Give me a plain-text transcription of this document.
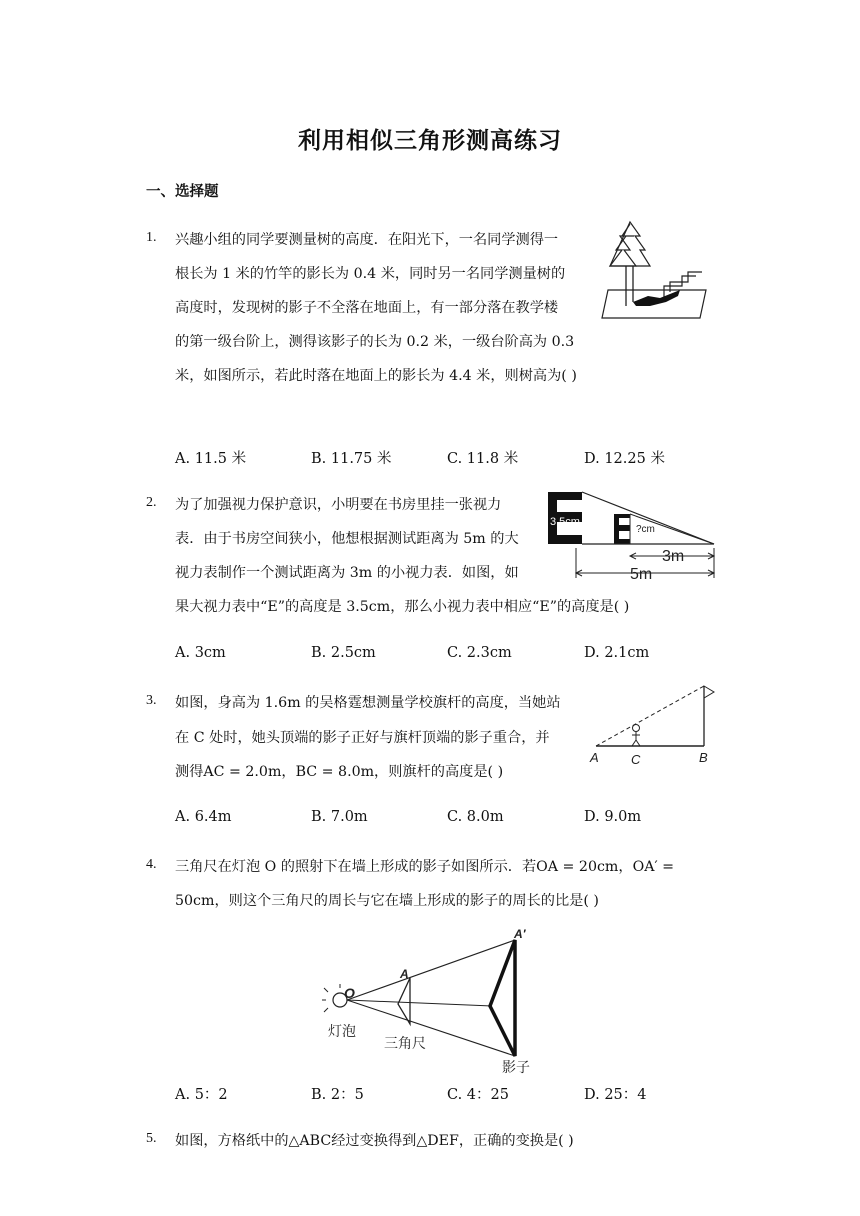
利用相似三角形测高练习
一、选择题
1. 兴趣小组的同学要测量树的高度．在阳光下，一名同学测得一
根长为 1 米的竹竿的影长为 0.4 米，同时另一名同学测量树的
高度时，发现树的影子不全落在地面上，有一部分落在教学楼
的第一级台阶上，测得该影子的长为 0.2 米，一级台阶高为 0.3
米，如图所示，若此时落在地面上的影长为 4.4 米，则树高为( )
A. 11.5 米	B. 11.75 米	C. 11.8 米	D. 12.25 米
2. 为了加强视力保护意识，小明要在书房里挂一张视力
表．由于书房空间狭小，他想根据测试距离为 5m 的大
视力表制作一个测试距离为 3m 的小视力表．如图，如
果大视力表中“E”的高度是 3.5cm，那么小视力表中相应“E”的高度是( )
3.5cm
?cm
3m
5m
A. 3cm	B. 2.5cm	C. 2.3cm	D. 2.1cm
3. 如图，身高为 1.6m 的吴格霆想测量学校旗杆的高度，当她站
在 C 处时，她头顶端的影子正好与旗杆顶端的影子重合，并
测得AC = 2.0m，BC = 8.0m，则旗杆的高度是( )
A C	B
A. 6.4m	B. 7.0m	C. 8.0m	D. 9.0m
4. 三角尺在灯泡 O 的照射下在墙上形成的影子如图所示．若OA = 20cm，OA′ =
50cm，则这个三角尺的周长与它在墙上形成的影子的周长的比是( )
O
A
A′
灯泡
三角尺
影子
A. 5：2	B. 2：5	C. 4：25	D. 25：4
5. 如图，方格纸中的△ABC经过变换得到△DEF，正确的变换是( )
